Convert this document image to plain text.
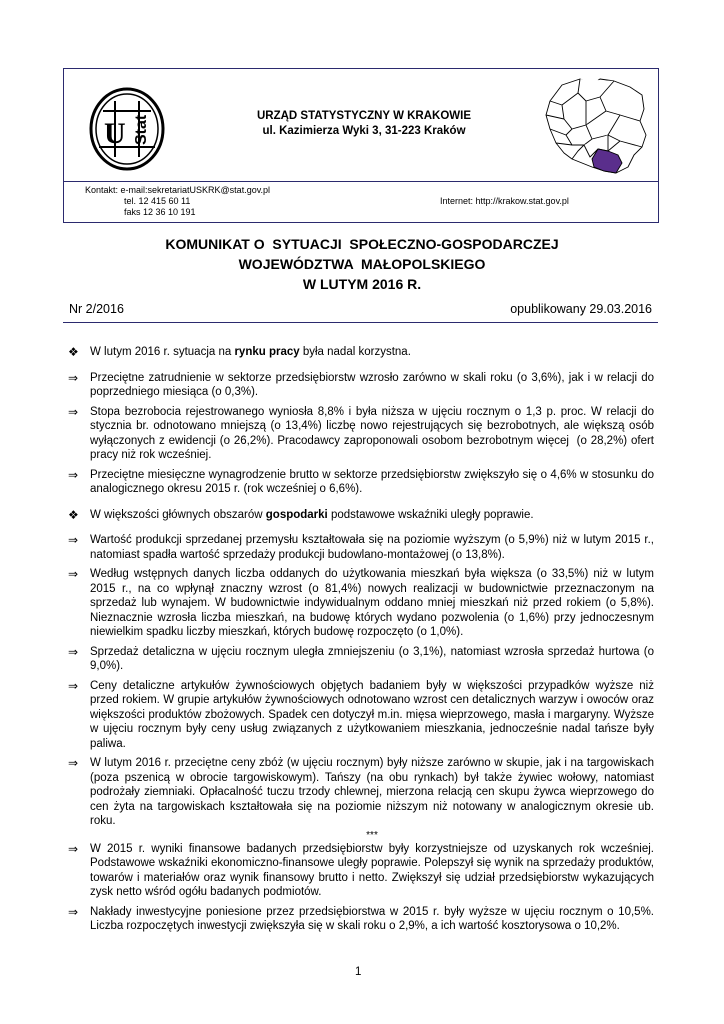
U Stat	URZĄD STATYSTYCZNY W KRAKOWIE
ul. Kazimierza Wyki 3, 31-223 Kraków
Kontakt: e-mail:sekretariatUSKRK@stat.gov.pl
tel. 12 415 60 11
faks 12 36 10 191
Internet: http://krakow.stat.gov.pl
KOMUNIKAT O  SYTUACJI  SPOŁECZNO-GOSPODARCZEJ
WOJEWÓDZTWA  MAŁOPOLSKIEGO
W LUTYM 2016 R.
Nr 2/2016	opublikowany 29.03.2016
❖ W lutym 2016 r. sytuacja na rynku pracy była nadal korzystna.
⇒ Przeciętne zatrudnienie w sektorze przedsiębiorstw wzrosło zarówno w skali roku (o 3,6%), jak i w relacji do poprzedniego miesiąca (o 0,3%).
⇒ Stopa bezrobocia rejestrowanego wyniosła 8,8% i była niższa w ujęciu rocznym o 1,3 p. proc. W relacji do stycznia br. odnotowano mniejszą (o 13,4%) liczbę nowo rejestrujących się bezrobotnych, ale większą osób wyłączonych z ewidencji (o 26,2%). Pracodawcy zaproponowali osobom bezrobotnym więcej  (o 28,2%) ofert pracy niż rok wcześniej.
⇒ Przeciętne miesięczne wynagrodzenie brutto w sektorze przedsiębiorstw zwiększyło się o 4,6% w stosunku do analogicznego okresu 2015 r. (rok wcześniej o 6,6%).
❖ W większości głównych obszarów gospodarki podstawowe wskaźniki uległy poprawie.
⇒ Wartość produkcji sprzedanej przemysłu kształtowała się na poziomie wyższym (o 5,9%) niż w lutym 2015 r., natomiast spadła wartość sprzedaży produkcji budowlano-montażowej (o 13,8%).
⇒ Według wstępnych danych liczba oddanych do użytkowania mieszkań była większa (o 33,5%) niż w lutym 2015 r., na co wpłynął znaczny wzrost (o 81,4%) nowych realizacji w budownictwie przeznaczonym na sprzedaż lub wynajem. W budownictwie indywidualnym oddano mniej mieszkań niż przed rokiem (o 5,8%). Nieznacznie wzrosła liczba mieszkań, na budowę których wydano pozwolenia (o 1,6%) przy jednoczesnym niewielkim spadku liczby mieszkań, których budowę rozpoczęto (o 1,0%).
⇒ Sprzedaż detaliczna w ujęciu rocznym uległa zmniejszeniu (o 3,1%), natomiast wzrosła sprzedaż hurtowa (o 9,0%).
⇒ Ceny detaliczne artykułów żywnościowych objętych badaniem były w większości przypadków wyższe niż przed rokiem. W grupie artykułów żywnościowych odnotowano wzrost cen detalicznych warzyw i owoców oraz większości produktów zbożowych. Spadek cen dotyczył m.in. mięsa wieprzowego, masła i margaryny. Wyższe w ujęciu rocznym były ceny usług związanych z użytkowaniem mieszkania, jednocześnie nadal tańsze były paliwa.
⇒ W lutym 2016 r. przeciętne ceny zbóż (w ujęciu rocznym) były niższe zarówno w skupie, jak i na targowiskach (poza pszenicą w obrocie targowiskowym). Tańszy (na obu rynkach) był także żywiec wołowy, natomiast podrożały ziemniaki. Opłacalność tuczu trzody chlewnej, mierzona relacją cen skupu żywca wieprzowego do cen żyta na targowiskach kształtowała się na poziomie niższym niż notowany w analogicznym okresie ub. roku.
***
⇒ W 2015 r. wyniki finansowe badanych przedsiębiorstw były korzystniejsze od uzyskanych rok wcześniej. Podstawowe wskaźniki ekonomiczno-finansowe uległy poprawie. Polepszył się wynik na sprzedaży produktów, towarów i materiałów oraz wynik finansowy brutto i netto. Zwiększył się udział przedsiębiorstw wykazujących zysk netto wśród ogółu badanych podmiotów.
⇒ Nakłady inwestycyjne poniesione przez przedsiębiorstwa w 2015 r. były wyższe w ujęciu rocznym o 10,5%. Liczba rozpoczętych inwestycji zwiększyła się w skali roku o 2,9%, a ich wartość kosztorysowa o 10,2%.
1
